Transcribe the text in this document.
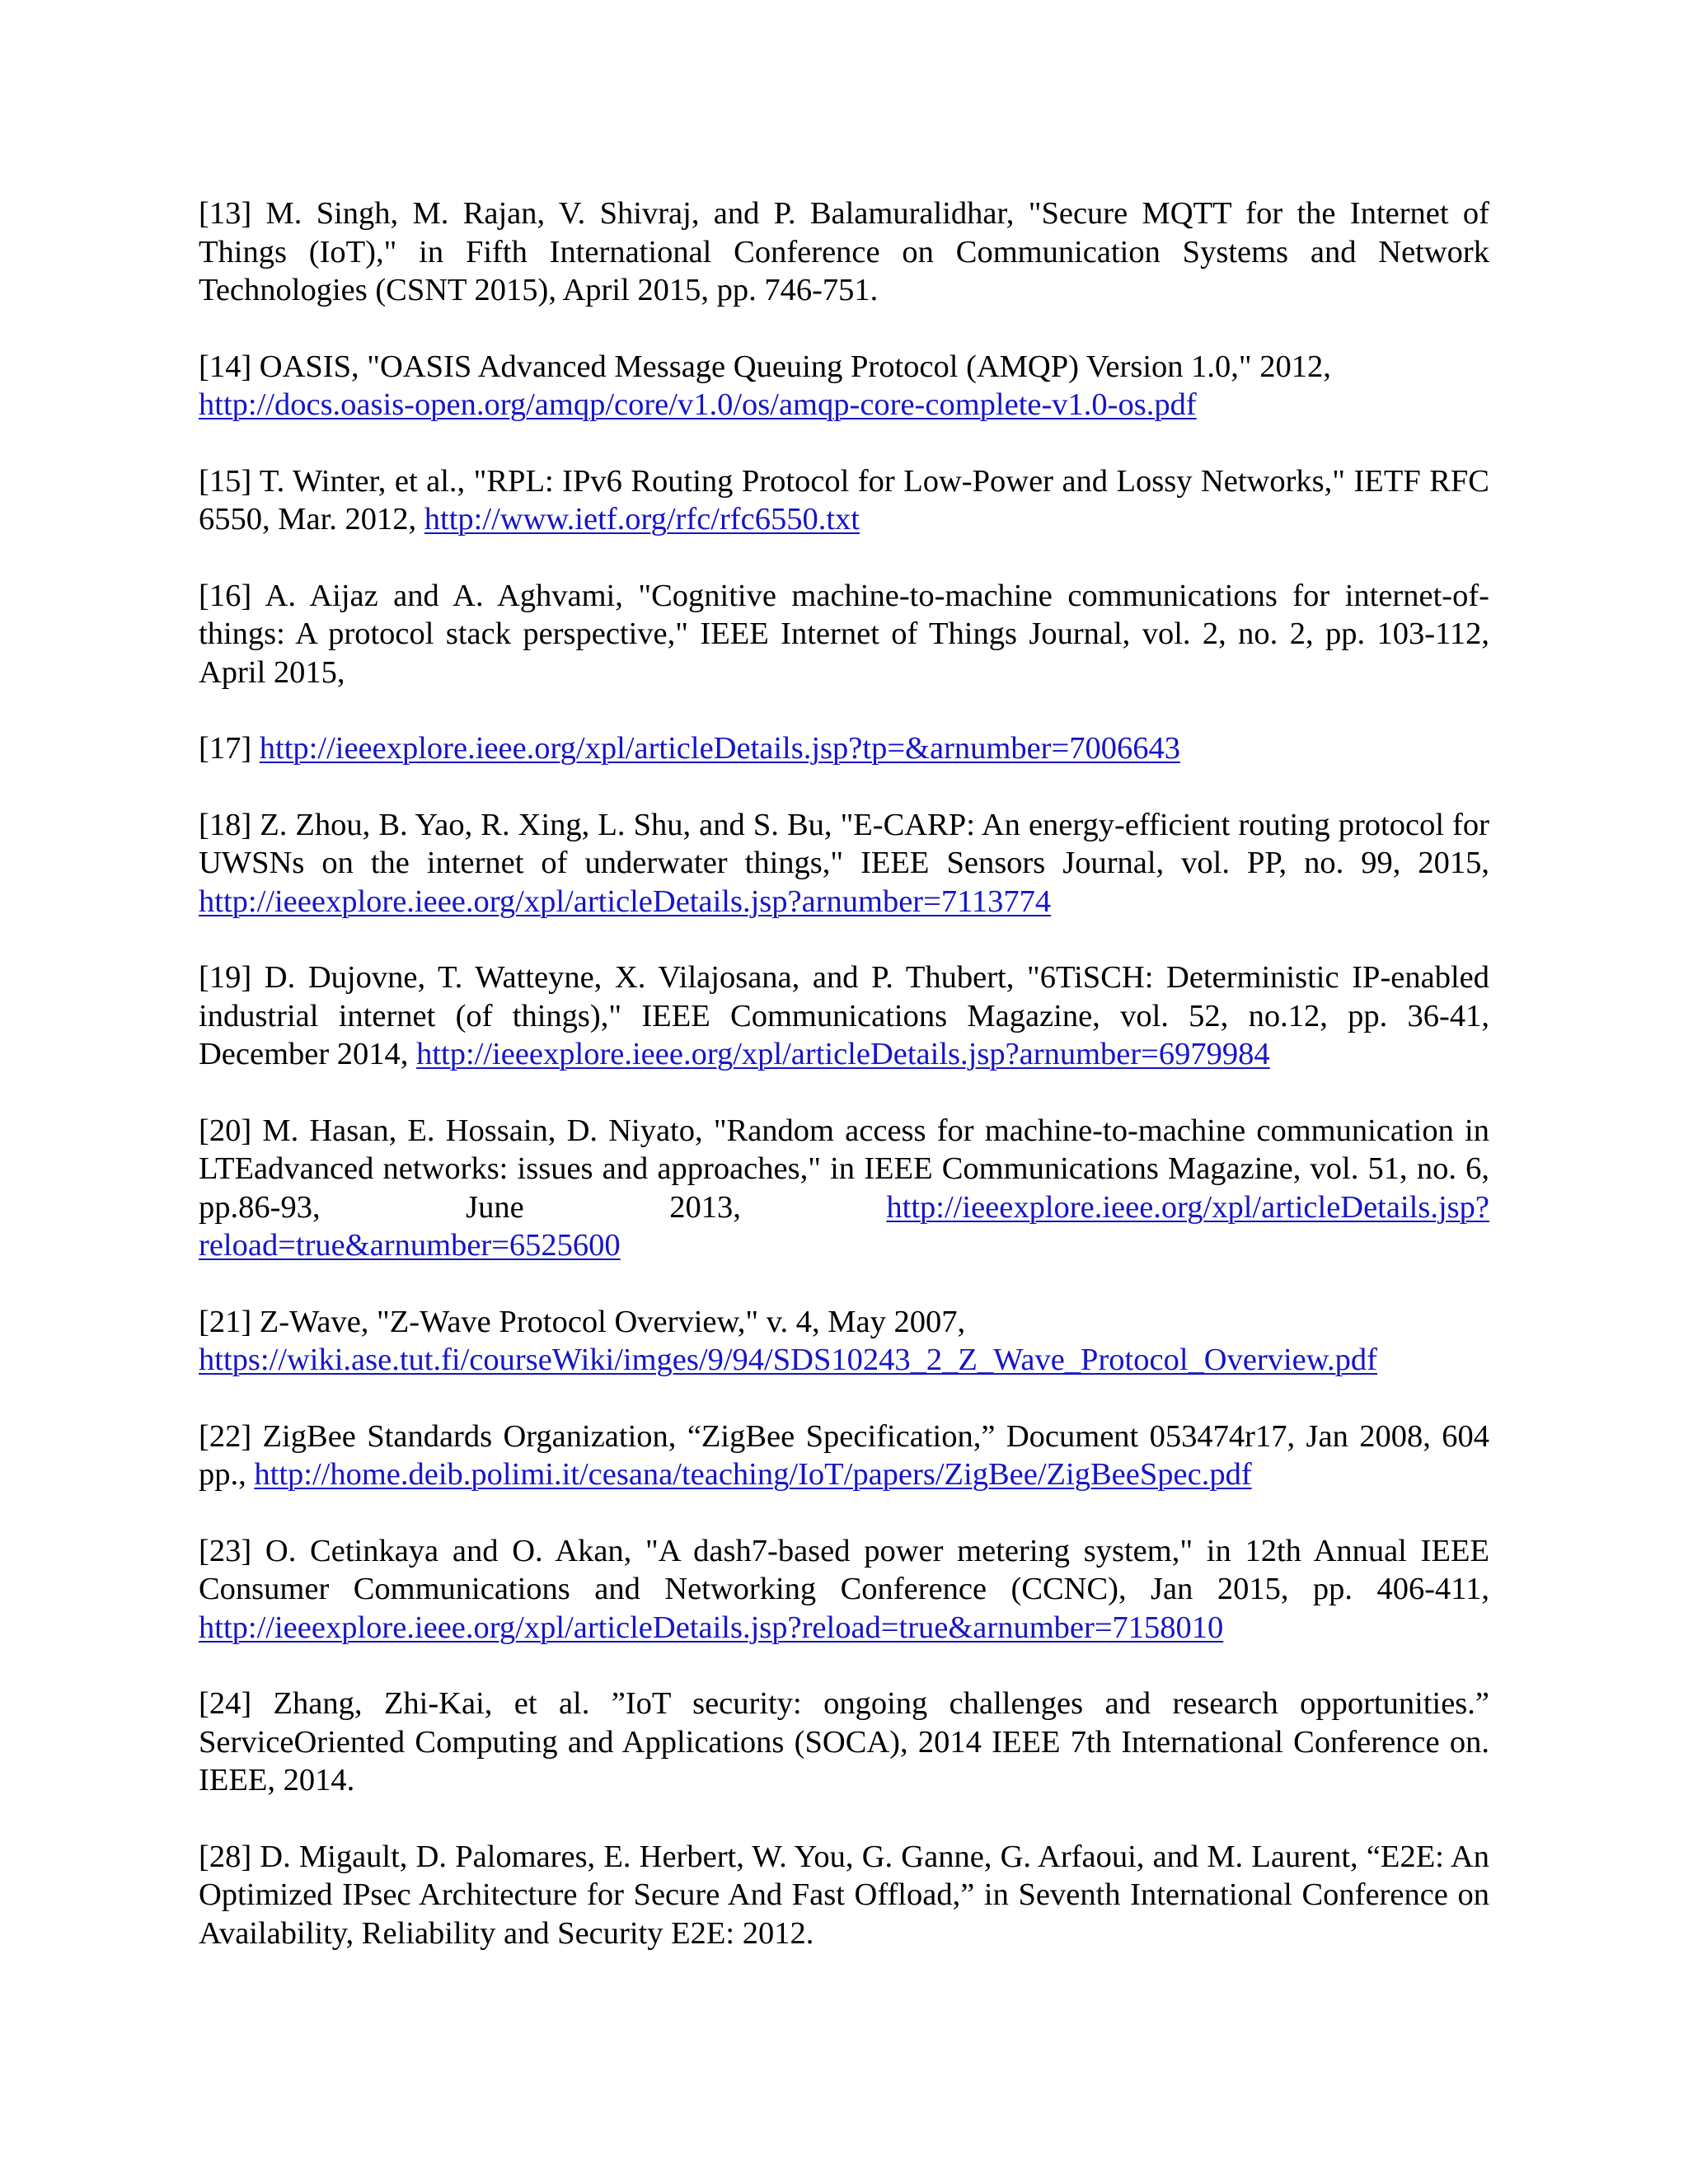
[13] M. Singh, M. Rajan, V. Shivraj, and P. Balamuralidhar, "Secure MQTT for the Internet of Things (IoT)," in Fifth International Conference on Communication Systems and Network Technologies (CSNT 2015), April 2015, pp. 746-751.

[14] OASIS, "OASIS Advanced Message Queuing Protocol (AMQP) Version 1.0," 2012,
http://docs.oasis-open.org/amqp/core/v1.0/os/amqp-core-complete-v1.0-os.pdf

[15] T. Winter, et al., "RPL: IPv6 Routing Protocol for Low-Power and Lossy Networks," IETF RFC 6550, Mar. 2012, http://www.ietf.org/rfc/rfc6550.txt

[16] A. Aijaz and A. Aghvami, "Cognitive machine-to-machine communications for internet-of-things: A protocol stack perspective," IEEE Internet of Things Journal, vol. 2, no. 2, pp. 103-112, April 2015,

[17] http://ieeexplore.ieee.org/xpl/articleDetails.jsp?tp=&arnumber=7006643

[18] Z. Zhou, B. Yao, R. Xing, L. Shu, and S. Bu, "E-CARP: An energy-efficient routing protocol for UWSNs on the internet of underwater things," IEEE Sensors Journal, vol. PP, no. 99, 2015, http://ieeexplore.ieee.org/xpl/articleDetails.jsp?arnumber=7113774

[19] D. Dujovne, T. Watteyne, X. Vilajosana, and P. Thubert, "6TiSCH: Deterministic IP-enabled industrial internet (of things)," IEEE Communications Magazine, vol. 52, no.12, pp. 36-41, December 2014, http://ieeexplore.ieee.org/xpl/articleDetails.jsp?arnumber=6979984

[20] M. Hasan, E. Hossain, D. Niyato, "Random access for machine-to-machine communication in LTEadvanced networks: issues and approaches," in IEEE Communications Magazine, vol. 51, no. 6, pp.86-93, June 2013,	http://ieeexplore.ieee.org/xpl/articleDetails.jsp?reload=true&arnumber=6525600

[21] Z-Wave, "Z-Wave Protocol Overview," v. 4, May 2007,
https://wiki.ase.tut.fi/courseWiki/imges/9/94/SDS10243_2_Z_Wave_Protocol_Overview.pdf

[22] ZigBee Standards Organization, “ZigBee Specification,” Document 053474r17, Jan 2008, 604 pp., http://home.deib.polimi.it/cesana/teaching/IoT/papers/ZigBee/ZigBeeSpec.pdf

[23] O. Cetinkaya and O. Akan, "A dash7-based power metering system," in 12th Annual IEEE Consumer Communications and Networking Conference (CCNC), Jan 2015, pp. 406-411, http://ieeexplore.ieee.org/xpl/articleDetails.jsp?reload=true&arnumber=7158010

[24] Zhang, Zhi-Kai, et al. ”IoT security: ongoing challenges and research opportunities.” ServiceOriented Computing and Applications (SOCA), 2014 IEEE 7th International Conference on. IEEE, 2014.

[28] D. Migault, D. Palomares, E. Herbert, W. You, G. Ganne, G. Arfaoui, and M. Laurent, “E2E: An Optimized IPsec Architecture for Secure And Fast Offload,” in Seventh International Conference on Availability, Reliability and Security E2E: 2012.
